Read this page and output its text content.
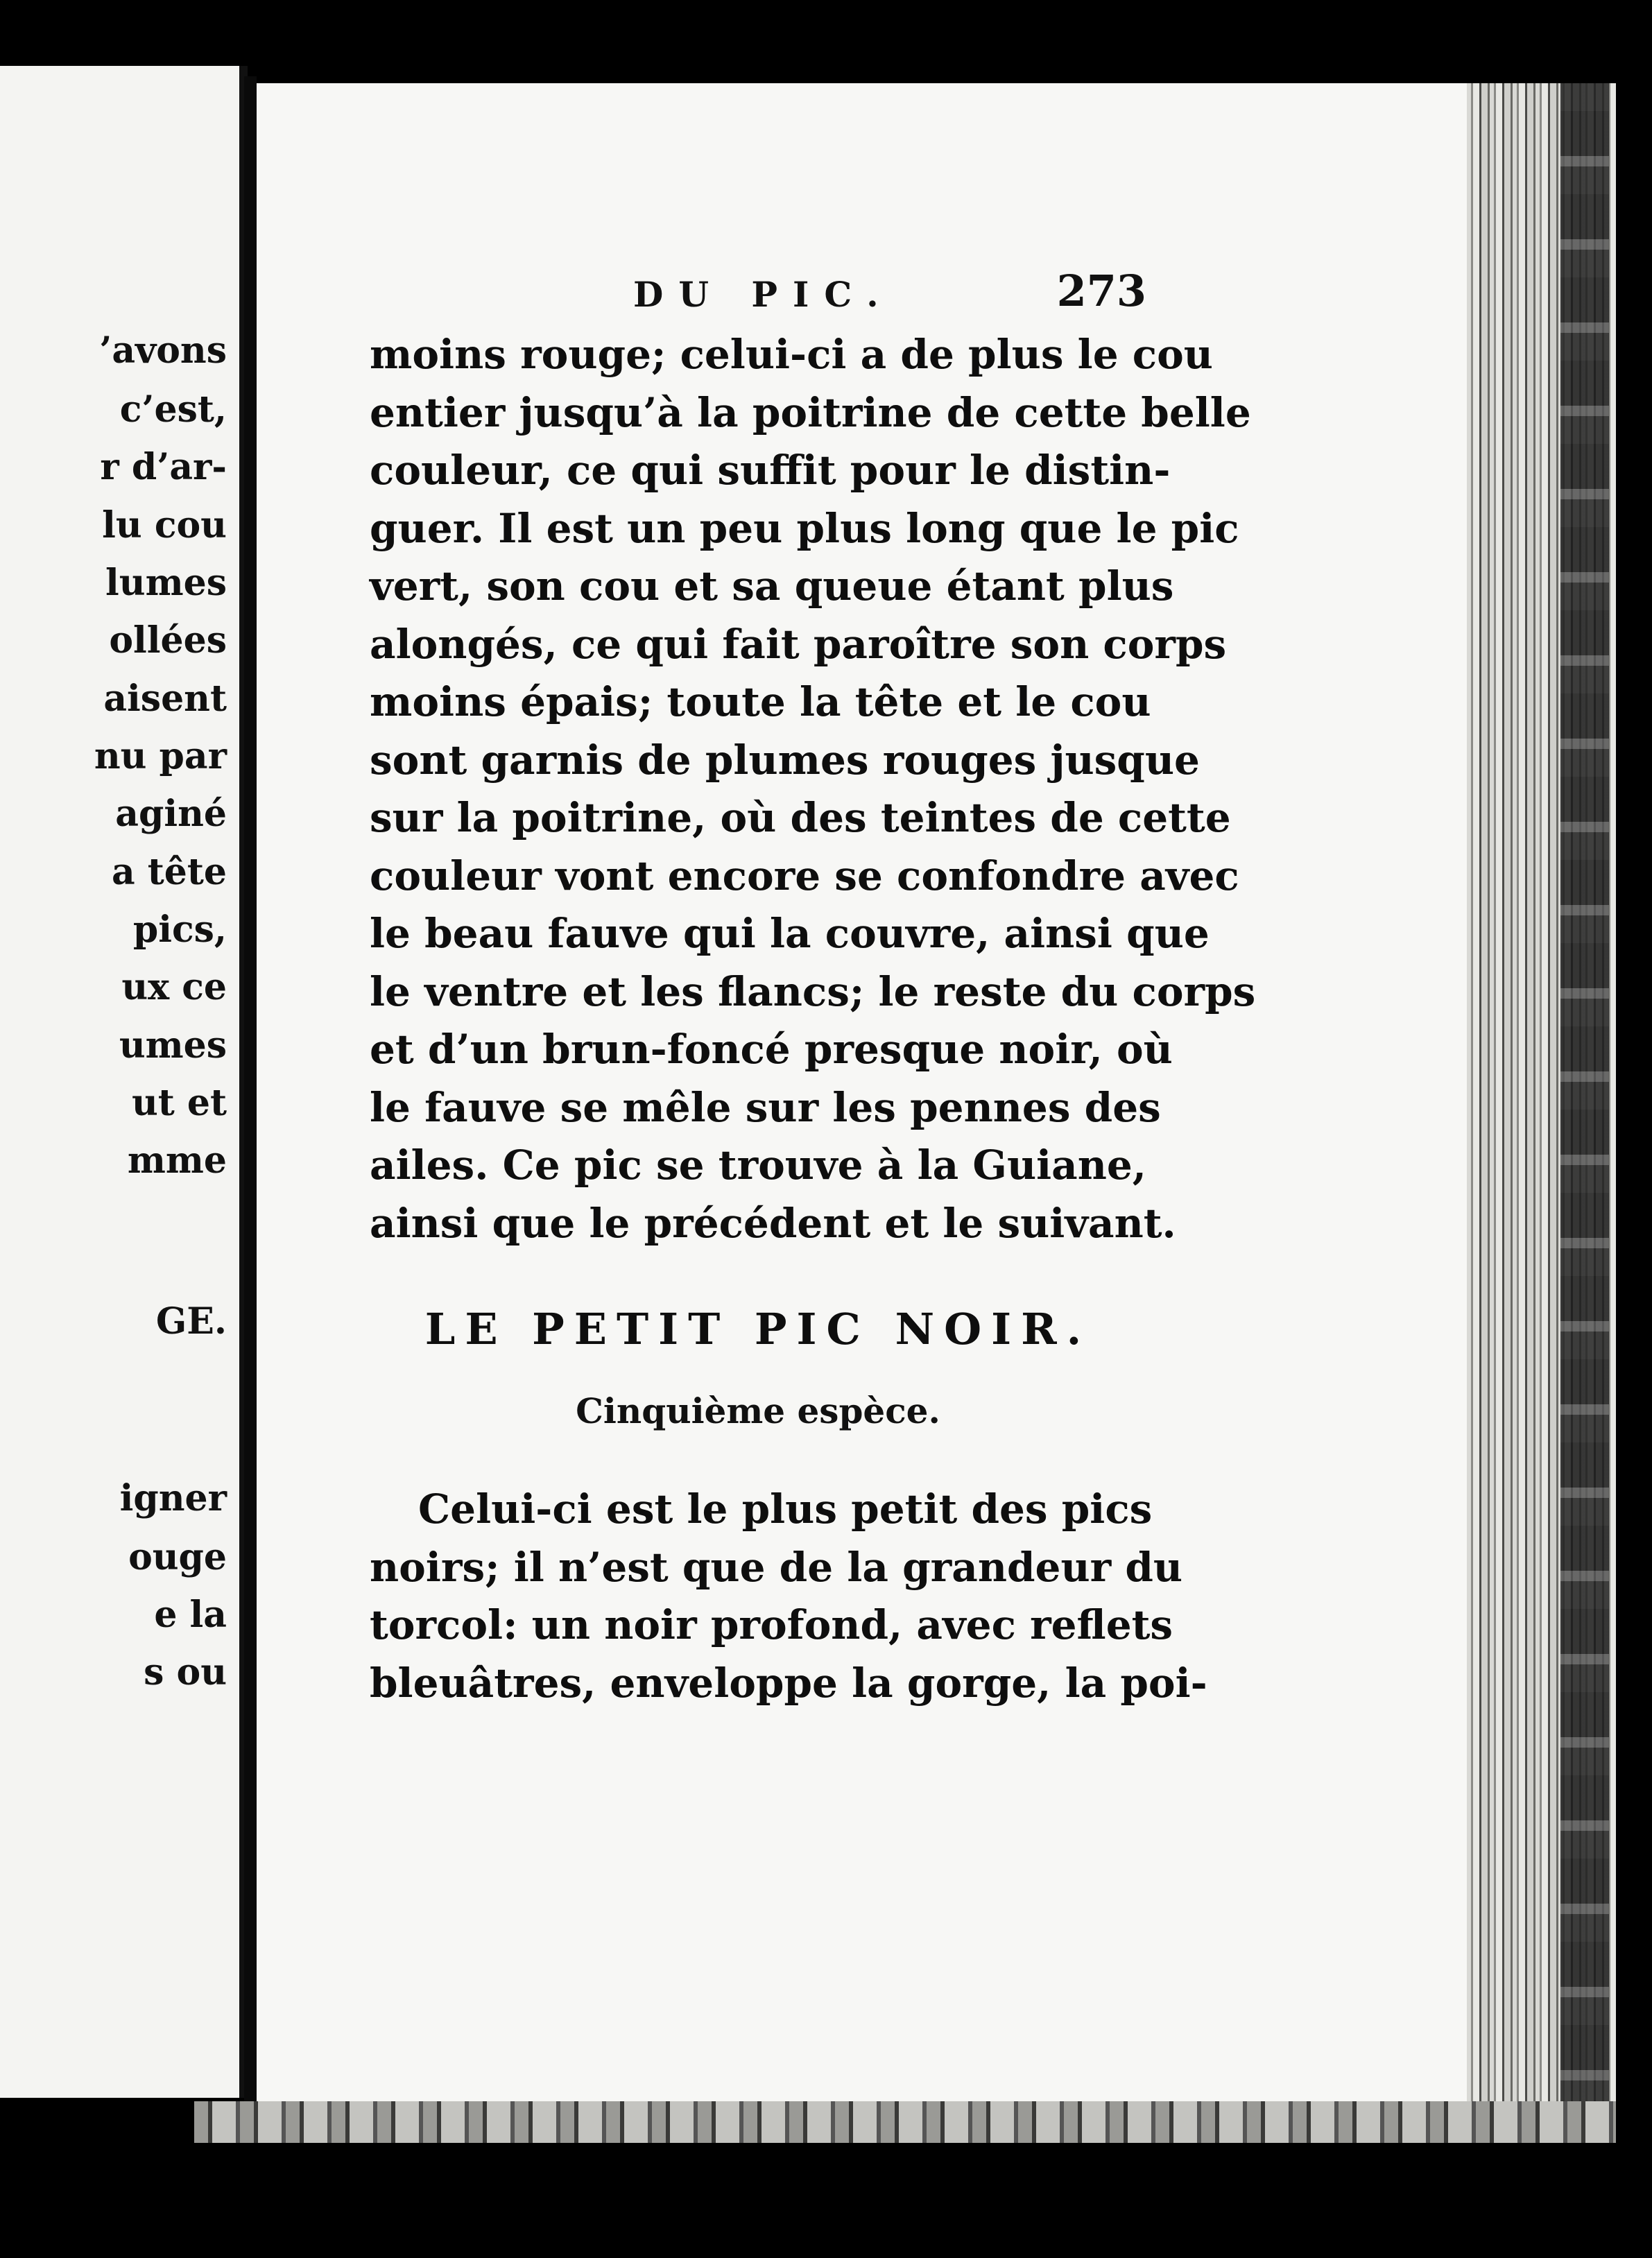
’avons
c’est,
r d’ar-
lu cou
lumes
ollées
aisent
nu par
aginé
a tête
pics,
ux ce
umes
ut et
mme
GE.
igner
ouge
e la
s ou
DU PIC.	273
moins rouge; celui-ci a de plus le cou
entier jusqu’à la poitrine de cette belle
couleur, ce qui suffit pour le distin-
guer. Il est un peu plus long que le pic
vert, son cou et sa queue étant plus
alongés, ce qui fait paroître son corps
moins épais; toute la tête et le cou
sont garnis de plumes rouges jusque
sur la poitrine, où des teintes de cette
couleur vont encore se confondre avec
le beau fauve qui la couvre, ainsi que
le ventre et les flancs; le reste du corps
et d’un brun-foncé presque noir, où
le fauve se mêle sur les pennes des
ailes. Ce pic se trouve à la Guiane,
ainsi que le précédent et le suivant.
LE PETIT PIC NOIR.
Cinquième espèce.
Celui-ci est le plus petit des pics
noirs; il n’est que de la grandeur du
torcol: un noir profond, avec reflets
bleuâtres, enveloppe la gorge, la poi-
